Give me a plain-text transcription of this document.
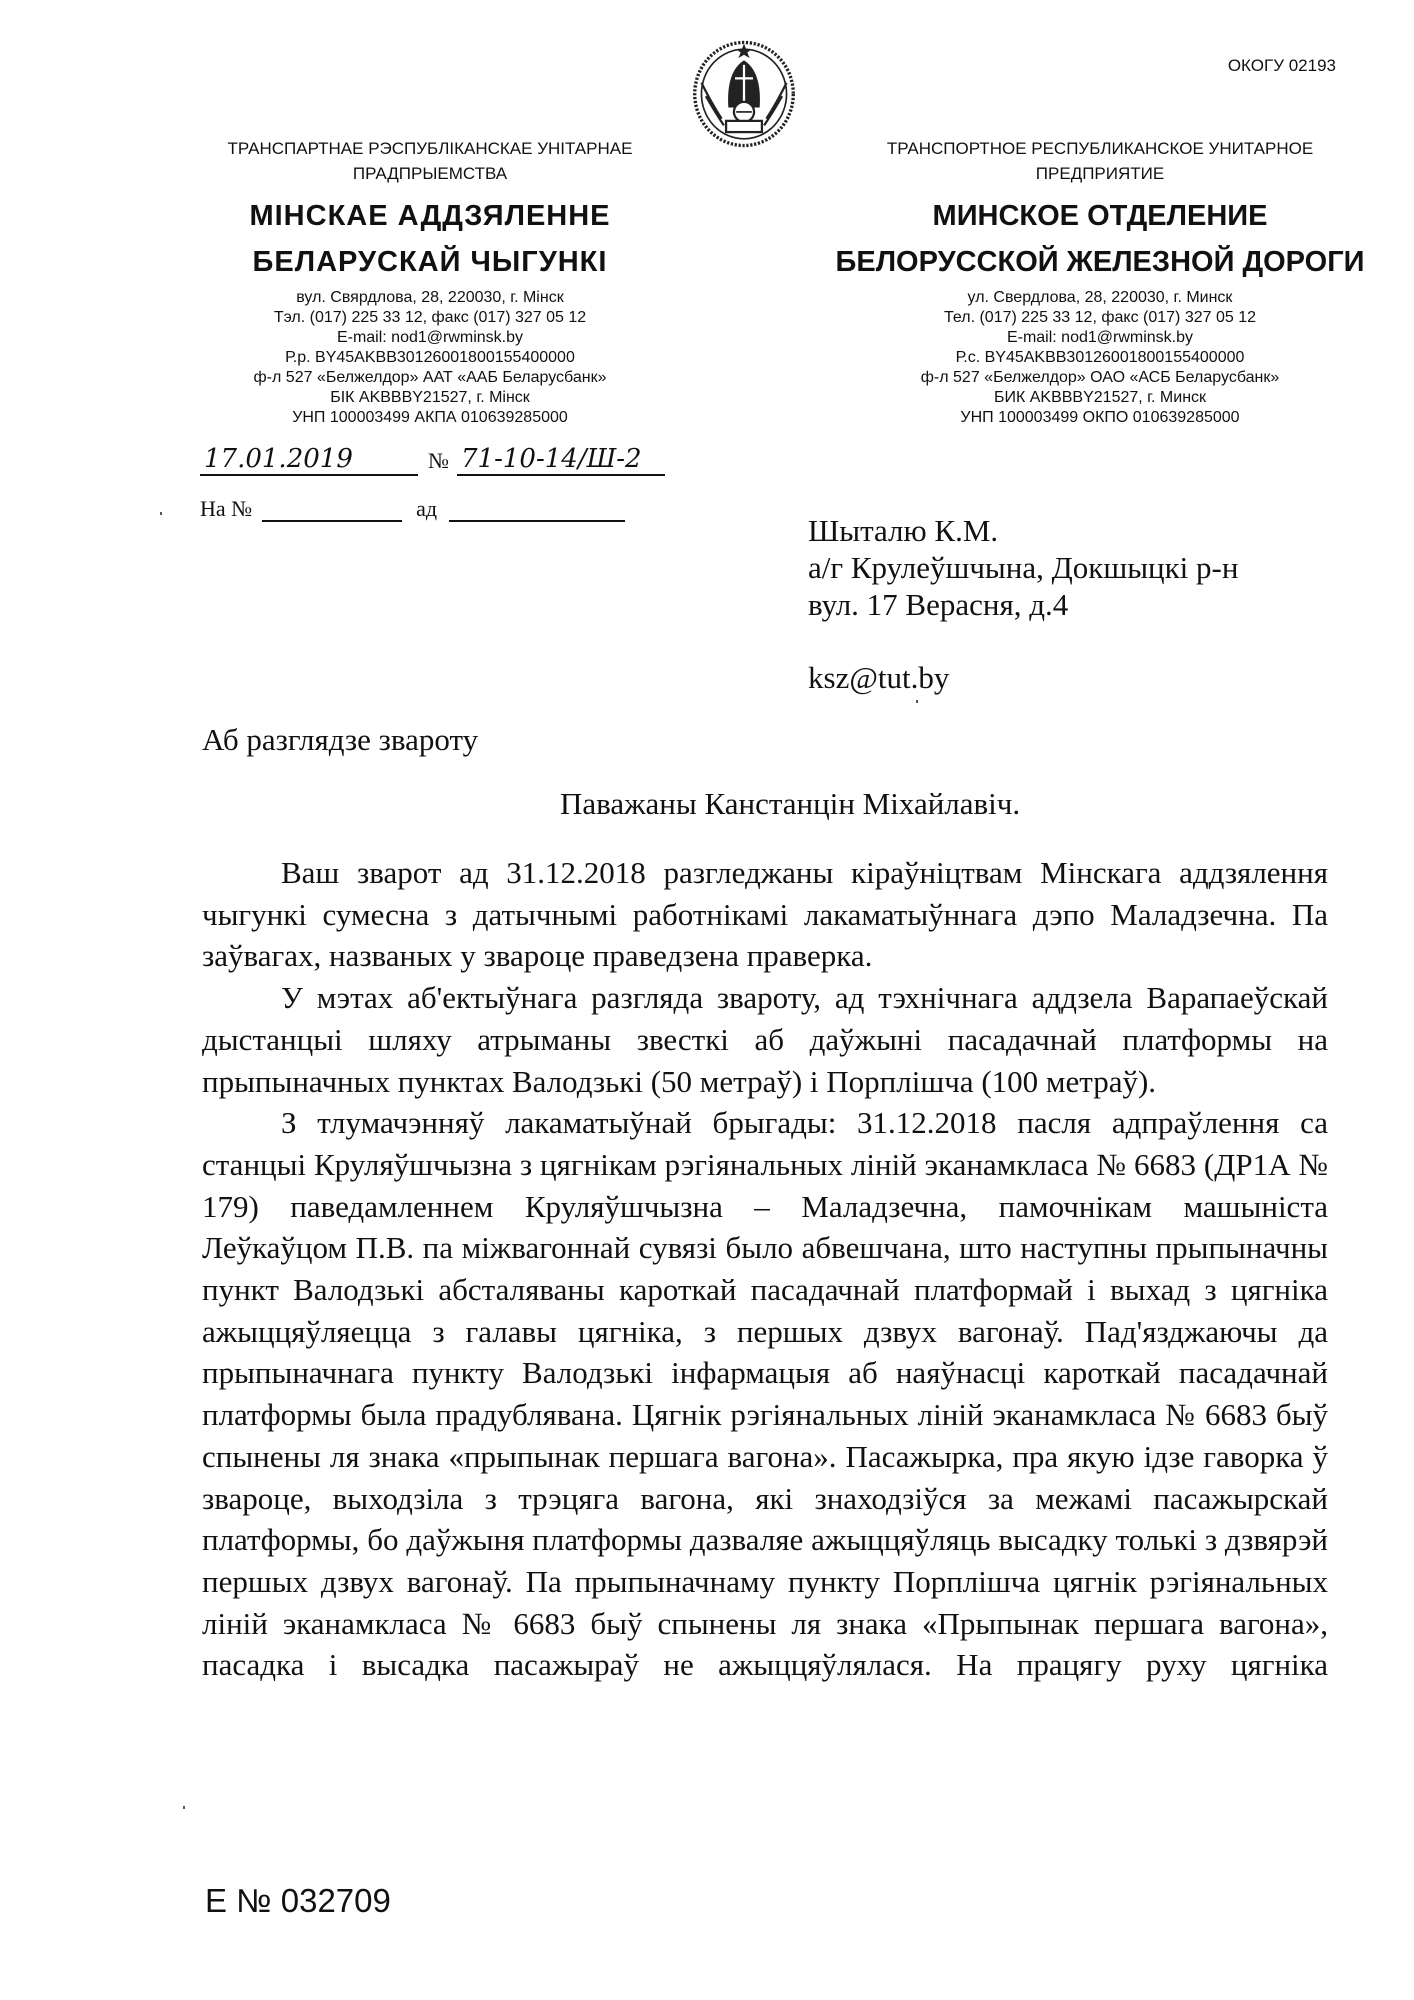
ОКОГУ 02193
ТРАНСПАРТНАЕ РЭСПУБЛІКАНСКАЕ УНІТАРНАЕ
ПРАДПРЫЕМСТВА
МІНСКАЕ АДДЗЯЛЕННЕ
БЕЛАРУСКАЙ ЧЫГУНКІ
вул. Свярдлова, 28, 220030, г. Мінск
Тэл. (017) 225 33 12, факс (017) 327 05 12
E-mail: nod1@rwminsk.by
Р.р. BY45AKBB30126001800155400000
ф-л 527 «Белжелдор» ААТ «ААБ Беларусбанк»
БІК AKBBBY21527, г. Мінск
УНП 100003499 АКПА 010639285000
ТРАНСПОРТНОЕ РЕСПУБЛИКАНСКОЕ УНИТАРНОЕ
ПРЕДПРИЯТИЕ
МИНСКОЕ ОТДЕЛЕНИЕ
БЕЛОРУССКОЙ ЖЕЛЕЗНОЙ ДОРОГИ
ул. Свердлова, 28, 220030, г. Минск
Тел. (017) 225 33 12, факс (017) 327 05 12
E-mail: nod1@rwminsk.by
Р.с. BY45AKBB30126001800155400000
ф-л 527 «Белжелдор» ОАО «АСБ Беларусбанк»
БИК AKBBBY21527, г. Минск
УНП 100003499 ОКПО 010639285000
17.01.2019	№ 71-10-14/Ш-2
На №	ад
Шыталю К.М.
а/г Крулеўшчына, Докшыцкі р-н
вул. 17 Верасня, д.4
ksz@tut.by
Аб разглядзе звароту
Паважаны Канстанцін Міхайлавіч.

Ваш зварот ад 31.12.2018 разгледжаны кіраўніцтвам Мінскага аддзялення чыгункі сумесна з датычнымі работнікамі лакаматыўннага дэпо Маладзечна. Па заўвагах, названых у звароце праведзена праверка.

У мэтах аб'ектыўнага разгляда звароту, ад тэхнічнага аддзела Варапаеўскай дыстанцыі шляху атрыманы звесткі аб даўжыні пасадачнай платформы на прыпыначных пунктах Валодзькі (50 метраў) і Порплішча (100 метраў).

З тлумачэнняў лакаматыўнай брыгады: 31.12.2018 пасля адпраўлення са станцыі Круляўшчызна з цягнікам рэгіянальных ліній эканамкласа № 6683 (ДР1А № 179) паведамленнем Круляўшчызна – Маладзечна, памочнікам машыніста Леўкаўцом П.В. па міжвагоннай сувязі было абвешчана, што наступны прыпыначны пункт Валодзькі абсталяваны кароткай пасадачнай платформай і выхад з цягніка ажыццяўляецца з галавы цягніка, з першых дзвух вагонаў. Пад'язджаючы да прыпыначнага пункту Валодзькі інфармацыя аб наяўнасці кароткай пасадачнай платформы была прадублявана. Цягнік рэгіянальных ліній эканамкласа № 6683 быў спынены ля знака «прыпынак першага вагона». Пасажырка, пра якую ідзе гаворка ў звароце, выходзіла з трэцяга вагона, які знаходзіўся за межамі пасажырскай платформы, бо даўжыня платформы дазваляе ажыццяўляць высадку толькі з дзвярэй першых дзвух вагонаў. Па прыпыначнаму пункту Порплішча цягнік рэгіянальных ліній эканамкласа № 6683 быў спынены ля знака «Прыпынак першага вагона», пасадка і высадка пасажыраў не ажыццяўлялася. На працягу руху цягніка

Е № 032709
